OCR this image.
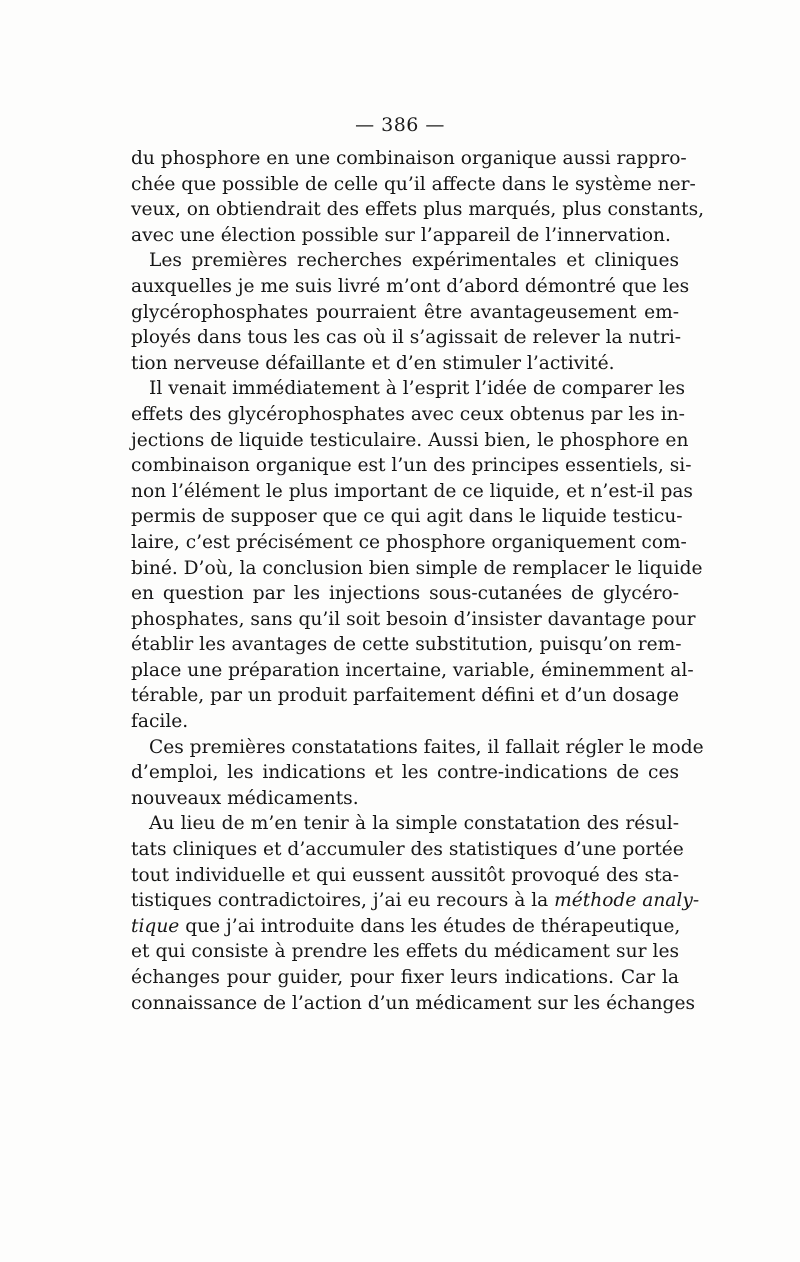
— 386 —
du phosphore en une combinaison organique aussi rappro-
chée que possible de celle qu’il affecte dans le système ner-
veux, on obtiendrait des effets plus marqués, plus constants,
avec une élection possible sur l’appareil de l’innervation.
Les premières recherches expérimentales et cliniques
auxquelles je me suis livré m’ont d’abord démontré que les
glycérophosphates pourraient être avantageusement em-
ployés dans tous les cas où il s’agissait de relever la nutri-
tion nerveuse défaillante et d’en stimuler l’activité.
Il venait immédiatement à l’esprit l’idée de comparer les
effets des glycérophosphates avec ceux obtenus par les in-
jections de liquide testiculaire. Aussi bien, le phosphore en
combinaison organique est l’un des principes essentiels, si-
non l’élément le plus important de ce liquide, et n’est-il pas
permis de supposer que ce qui agit dans le liquide testicu-
laire, c’est précisément ce phosphore organiquement com-
biné. D’où, la conclusion bien simple de remplacer le liquide
en question par les injections sous-cutanées de glycéro-
phosphates, sans qu’il soit besoin d’insister davantage pour
établir les avantages de cette substitution, puisqu’on rem-
place une préparation incertaine, variable, éminemment al-
térable, par un produit parfaitement défini et d’un dosage
facile.
Ces premières constatations faites, il fallait régler le mode
d’emploi, les indications et les contre-indications de ces
nouveaux médicaments.
Au lieu de m’en tenir à la simple constatation des résul-
tats cliniques et d’accumuler des statistiques d’une portée
tout individuelle et qui eussent aussitôt provoqué des sta-
tistiques contradictoires, j’ai eu recours à la méthode analy-
tique que j’ai introduite dans les études de thérapeutique,
et qui consiste à prendre les effets du médicament sur les
échanges pour guider, pour fixer leurs indications. Car la
connaissance de l’action d’un médicament sur les échanges
